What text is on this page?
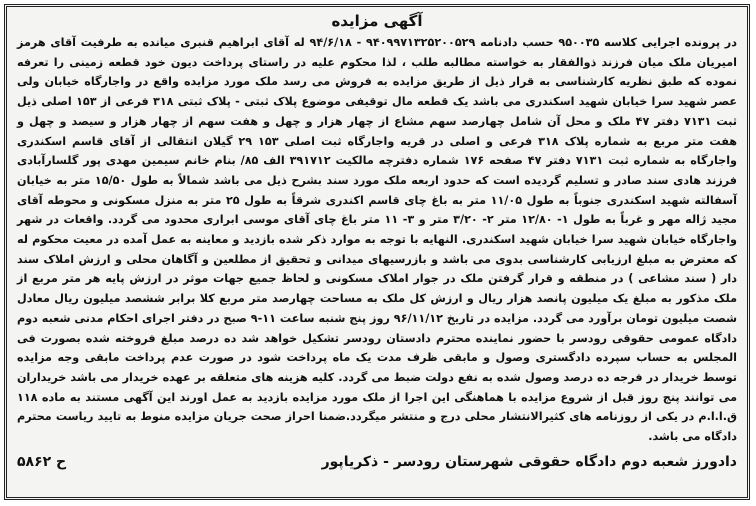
آگهی مزایده

در پرونده اجرایی کلاسه ۹۵۰۰۳۵ حسب دادنامه ۹۴۰۹۹۷۱۳۲۵۲۰۰۵۲۹ - ۹۴/۶/۱۸ له آقای ابراهیم قنبری میانده به طرفیت آقای هرمز امیریان ملک میان فرزند ذوالفقار به خواسته مطالبه طلب ، لذا محکوم علیه در راستای پرداخت دیون خود قطعه زمینی را تعرفه نموده که طبق نظریه کارشناسی به قرار ذیل از طریق مزایده به فروش می رسد ملک مورد مزایده واقع در واجارگاه خیابان ولی عصر شهید سرا خیابان شهید اسکندری می باشد یک قطعه مال توقیفی موضوع پلاک ثبتی - پلاک ثبتی ۳۱۸ فرعی از ۱۵۳ اصلی ذیل ثبت ۷۱۳۱ دفتر ۴۷ ملک و محل آن شامل چهارصد سهم مشاع از چهار هزار و چهل و هفت سهم از چهار هزار و سیصد و چهل و هفت متر مربع به شماره پلاک ۳۱۸ فرعی و اصلی در قریه واجارگاه ثبت اصلی ۱۵۳ ۲۹ گیلان انتقالی از آقای قاسم اسکندری واجارگاه به شماره ثبت ۷۱۳۱ دفتر ۴۷ صفحه ۱۷۶ شماره دفترچه مالکیت ۳۹۱۷۱۲ الف ۸۵/ بنام خانم سیمین مهدی پور گلسارآبادی فرزند هادی سند صادر و تسلیم گردیده است که حدود اربعه ملک مورد سند بشرح ذیل می باشد شمالاً به طول ۱۵/۵۰ متر به خیابان آسفالته شهید اسکندری جنوباً به طول ۱۱/۰۵ متر به باغ چای قاسم اکندری شرقاً به طول ۲۵ متر به منزل مسکونی و محوطه آقای مجید ژاله مهر و غرباً به طول ۱- ۱۲/۸۰ متر ۲- ۳/۲۰ متر و ۳- ۱۱ متر باغ چای آقای موسی ابراری محدود می گردد. واقعات در شهر واجارگاه خیابان شهید سرا خیابان شهید اسکندری. النهایه با توجه به موارد ذکر شده بازدید و معاینه به عمل آمده در معیت محکوم له که معترض به مبلغ ارزیابی کارشناسی بدوی می باشد و بازرسیهای میدانی و تحقیق از مطلعین و آگاهان محلی و ارزش املاک سند دار ( سند مشاعی ) در منطقه و قرار گرفتن ملک در جوار املاک مسکونی و لحاظ جمیع جهات موثر در ارزش پایه هر متر مربع از ملک مذکور به مبلغ یک میلیون پانصد هزار ریال و ارزش کل ملک به مساحت چهارصد متر مربع کلا برابر ششصد میلیون ریال معادل شصت میلیون تومان برآورد می گردد. مزایده در تاریخ ۹۶/۱۱/۱۲ روز پنج شنبه ساعت ۱۱-۹ صبح در دفتر اجرای احکام مدنی شعبه دوم دادگاه عمومی حقوقی رودسر با حضور نماینده محترم دادستان رودسر تشکیل خواهد شد ده درصد مبلغ فروخته شده بصورت فی المجلس به حساب سپرده دادگستری وصول و مابقی ظرف مدت یک ماه پرداخت شود در صورت عدم پرداخت مابقی وجه مزایده توسط خریدار در فرجه ده درصد وصول شده به نفع دولت ضبط می گردد. کلیه هزینه های متعلقه بر عهده خریدار می باشد خریداران می توانند پنج روز قبل از شروع مزایده با هماهنگی این اجرا از ملک مورد مزایده بازدید به عمل اورند این آگهی مستند به ماده ۱۱۸ ق.ا.ا.م در یکی از روزنامه های کثیرالانتشار محلی درج و منتشر میگردد.ضمنا احراز صحت جریان مزایده منوط به تایید ریاست محترم دادگاه می باشد.

دادورز شعبه دوم دادگاه حقوقی شهرستان رودسر - ذکریاپور
ح ۵۸۶۲
